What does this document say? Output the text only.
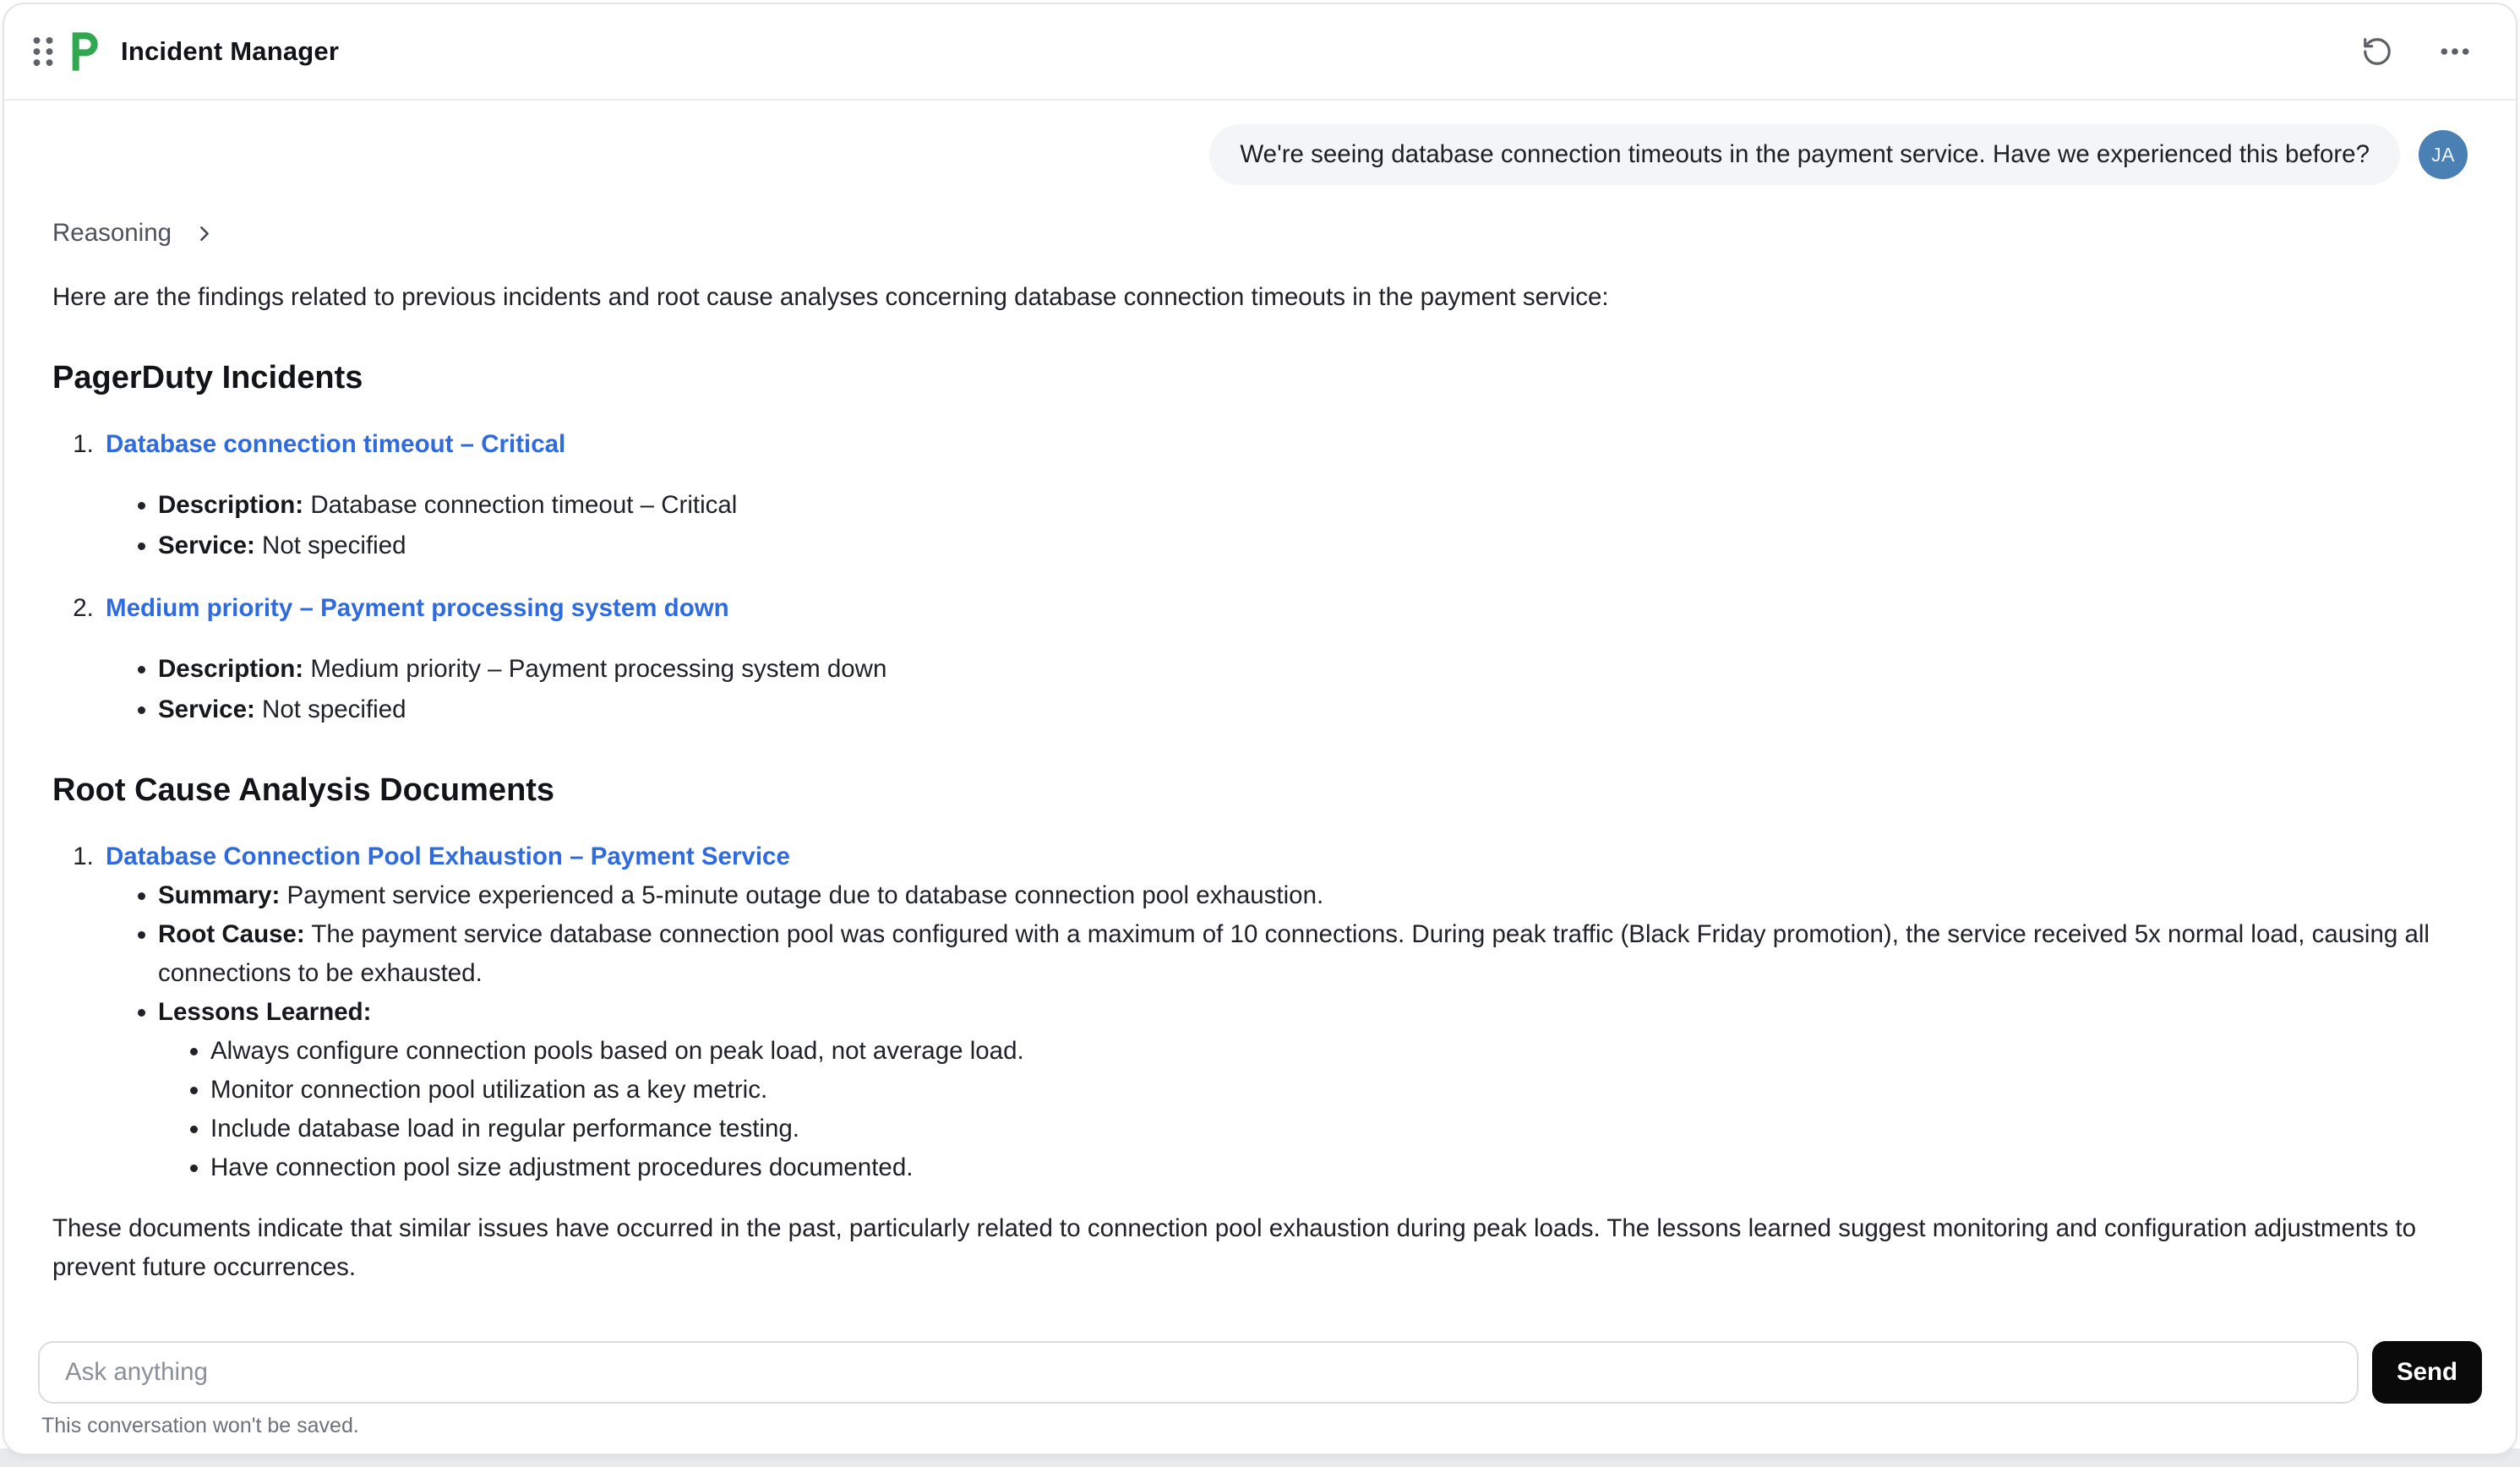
Incident Manager
We're seeing database connection timeouts in the payment service. Have we experienced this before?	JA
Reasoning

Here are the findings related to previous incidents and root cause analyses concerning database connection timeouts in the payment service:

PagerDuty Incidents
1. Database connection timeout – Critical
• Description: Database connection timeout – Critical
• Service: Not specified
2. Medium priority – Payment processing system down
• Description: Medium priority – Payment processing system down
• Service: Not specified
Root Cause Analysis Documents
1. Database Connection Pool Exhaustion – Payment Service
• Summary: Payment service experienced a 5-minute outage due to database connection pool exhaustion.
• Root Cause: The payment service database connection pool was configured with a maximum of 10 connections. During peak traffic (Black Friday promotion), the service received 5x normal load, causing all connections to be exhausted.
• Lessons Learned:
• Always configure connection pools based on peak load, not average load.
• Monitor connection pool utilization as a key metric.
• Include database load in regular performance testing.
• Have connection pool size adjustment procedures documented.

These documents indicate that similar issues have occurred in the past, particularly related to connection pool exhaustion during peak loads. The lessons learned suggest monitoring and configuration adjustments to prevent future occurrences.

Ask anything
Send
This conversation won't be saved.
